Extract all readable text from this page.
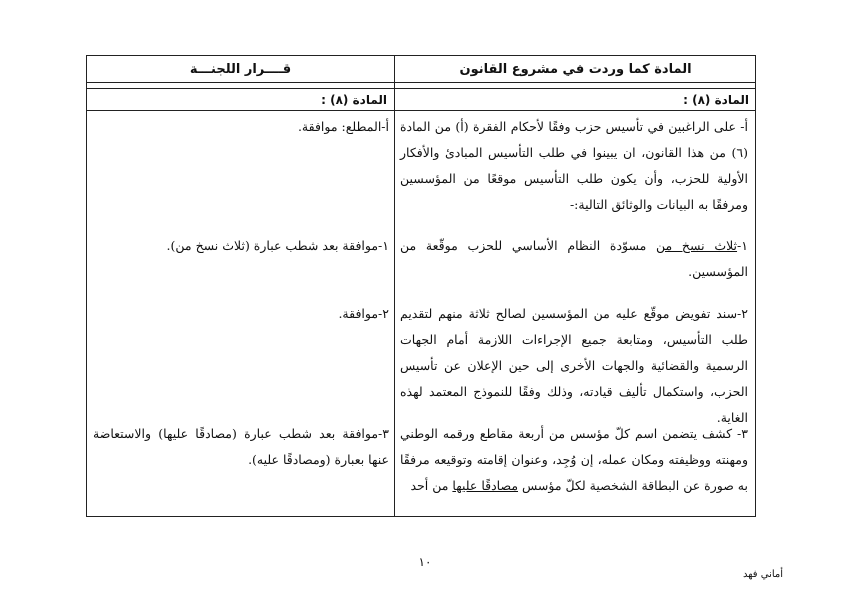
المادة كما وردت في مشروع القانون
قــــرار اللجنـــة
المادة (٨) :
المادة (٨) :
أ- على الراغبين في تأسيس حزب وفقًا لأحكام الفقرة (أ) من المادة (٦) من هذا القانون، ان يبينوا في طلب التأسيس المبادئ والأفكار الأولية للحزب، وأن يكون طلب التأسيس موقعًا من المؤسسين ومرفقًا به البيانات والوثائق التالية:-
١-ثلاث نسخ من مسوّدة النظام الأساسي للحزب موقّعة من المؤسسين.
٢-سند تفويض موقّع عليه من المؤسسين لصالح ثلاثة منهم لتقديم طلب التأسيس، ومتابعة جميع الإجراءات اللازمة أمام الجهات الرسمية والقضائية والجهات الأخرى إلى حين الإعلان عن تأسيس الحزب، واستكمال تأليف قيادته، وذلك وفقًا للنموذج المعتمد لهذه الغاية.
٣- كشف يتضمن اسم كلّ مؤسس من أربعة مقاطع ورقمه الوطني ومهنته ووظيفته ومكان عمله، إن وُجِد، وعنوان إقامته وتوقيعه مرفقًا به صورة عن البطاقة الشخصية لكلّ مؤسس مصادقًا عليها من أحد
أ-المطلع: موافقة.
١-موافقة بعد شطب عبارة (ثلاث نسخ من).
٢-موافقة.
٣-موافقة بعد شطب عبارة (مصادقًا عليها) والاستعاضة عنها بعبارة (ومصادقًا عليه).
١٠
أماني فهد
